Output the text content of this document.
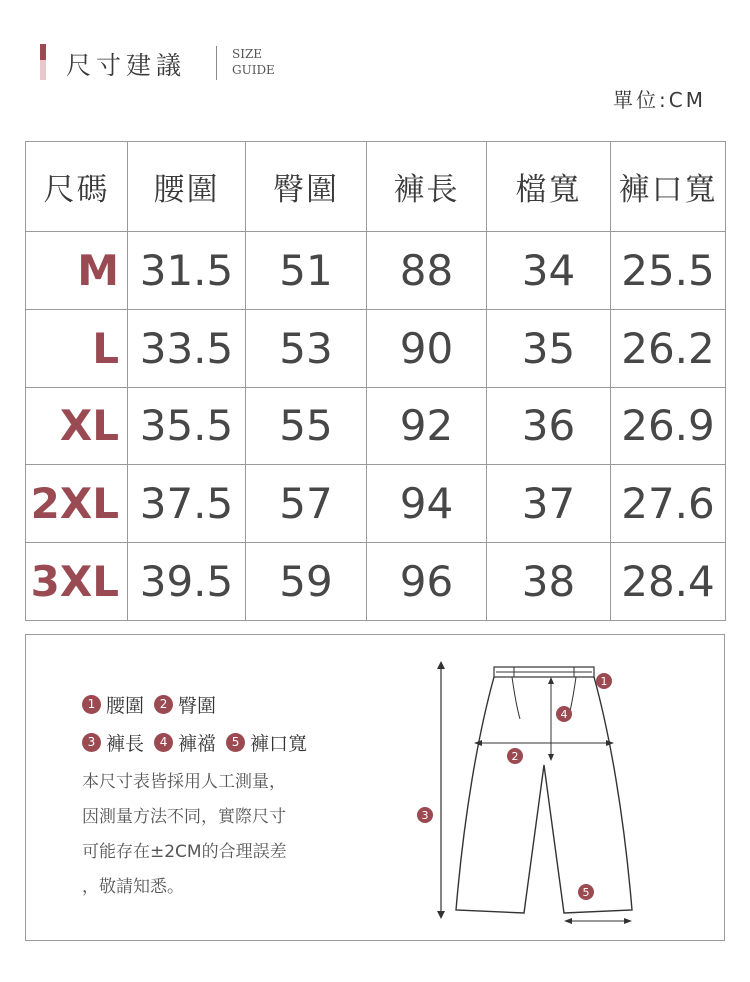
尺寸建議	SIZE
GUIDE
單位:CM
尺碼	腰圍	臀圍	褲長	檔寬	褲口寬
M	31.5	51	88	34	25.5
L	33.5	53	90	35	26.2
XL	35.5	55	92	36	26.9
2XL	37.5	57	94	37	27.6
3XL	39.5	59	96	38	28.4
1 腰圍	2 臀圍
3 褲長	4 褲襠	5 褲口寬
本尺寸表皆採用人工測量，
因測量方法不同，實際尺寸
可能存在±2CM的合理誤差
，敬請知悉。
1
2
3
4
5
